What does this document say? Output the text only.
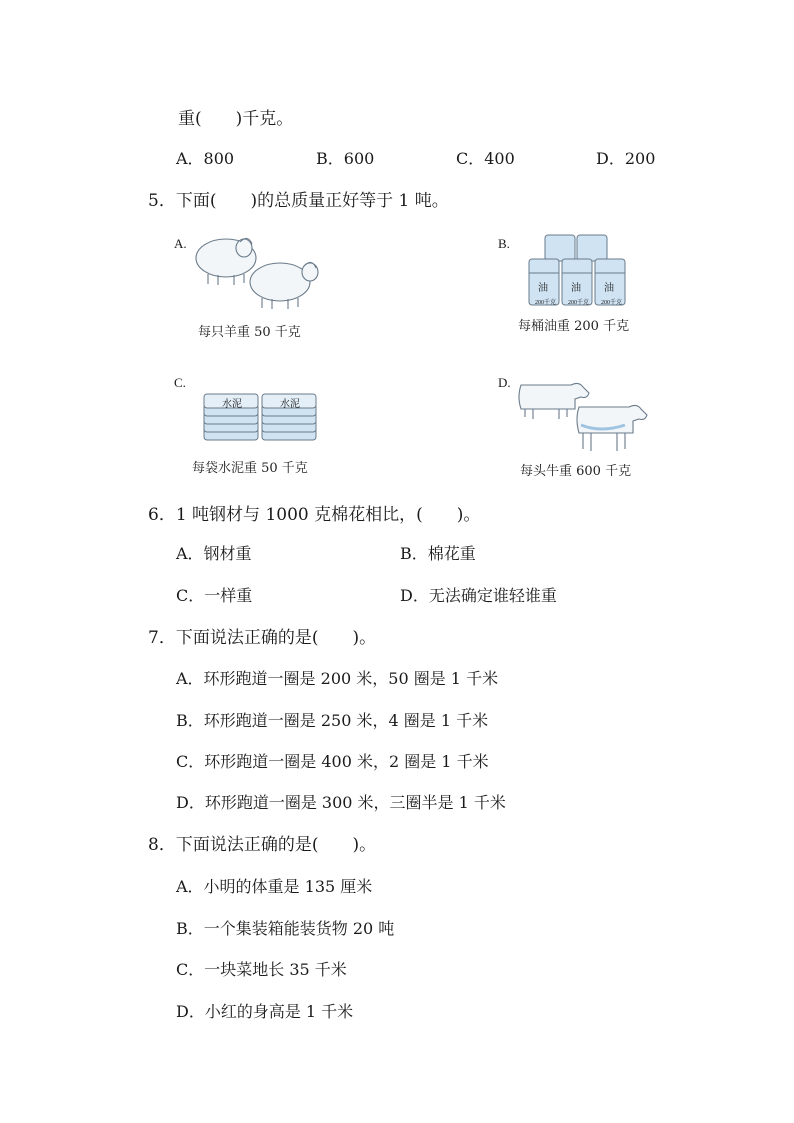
重(　　)千克。
A．800	B．600	C．400	D．200
5．下面(　　)的总质量正好等于 1 吨。
A.
每只羊重 50 千克
B.
油 油 油
200千克 200千克 200千克
每桶油重 200 千克
C.
水泥	水泥
每袋水泥重 50 千克
D.
每头牛重 600 千克
6．1 吨钢材与 1000 克棉花相比，(　　)。
A．钢材重	B．棉花重
C．一样重	D．无法确定谁轻谁重
7．下面说法正确的是(　　)。
A．环形跑道一圈是 200 米，50 圈是 1 千米
B．环形跑道一圈是 250 米，4 圈是 1 千米
C．环形跑道一圈是 400 米，2 圈是 1 千米
D．环形跑道一圈是 300 米，三圈半是 1 千米
8．下面说法正确的是(　　)。
A．小明的体重是 135 厘米
B．一个集装箱能装货物 20 吨
C．一块菜地长 35 千米
D．小红的身高是 1 千米
